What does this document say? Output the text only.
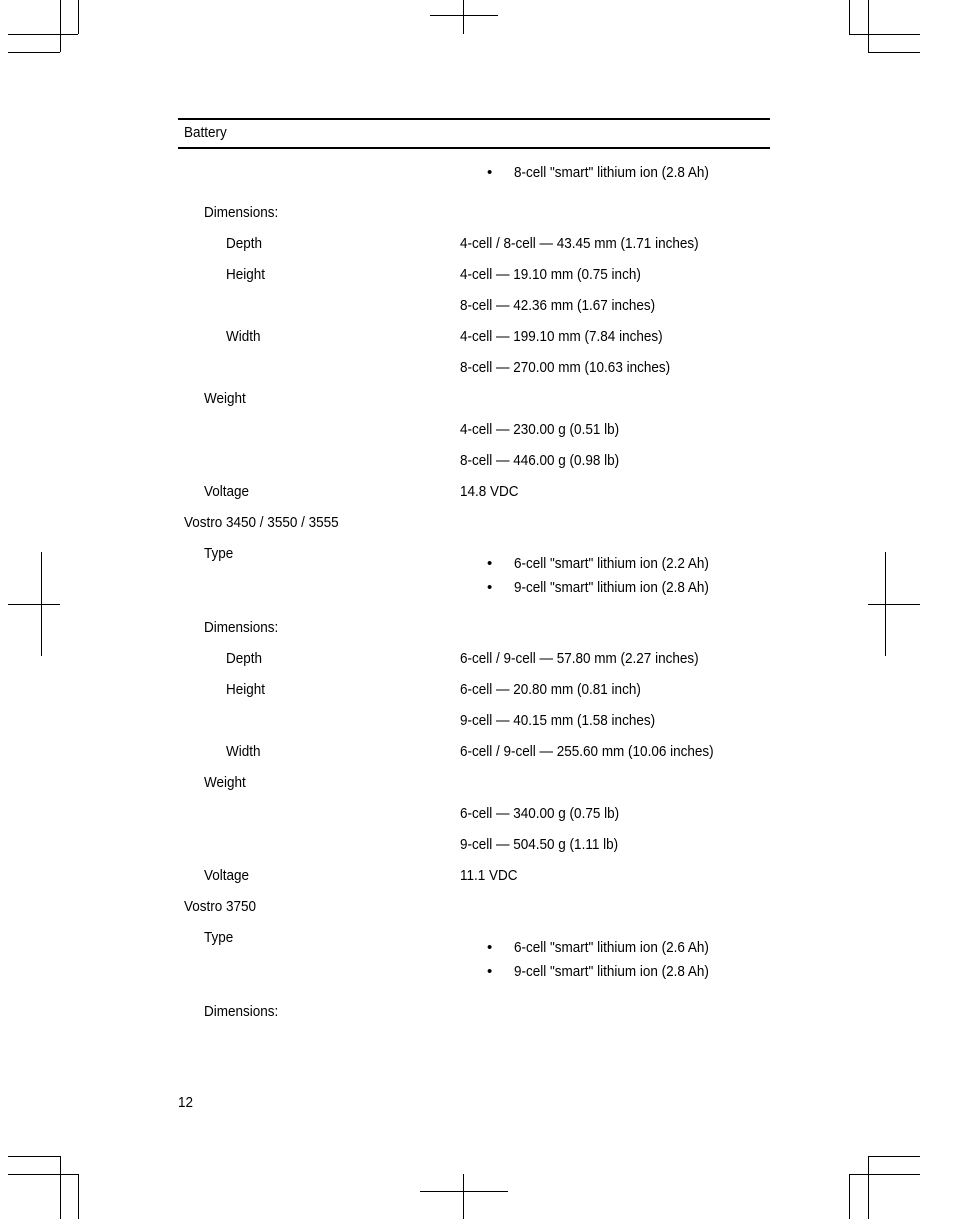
Battery
• 8-cell "smart" lithium ion (2.8 Ah)
Dimensions:
Depth	4-cell / 8-cell — 43.45 mm (1.71 inches)
Height	4-cell — 19.10 mm (0.75 inch)
8-cell — 42.36 mm (1.67 inches)
Width	4-cell — 199.10 mm (7.84 inches)
8-cell — 270.00 mm (10.63 inches)
Weight
4-cell — 230.00 g (0.51 lb)
8-cell — 446.00 g (0.98 lb)
Voltage	14.8 VDC
Vostro 3450 / 3550 / 3555
Type
• 6-cell "smart" lithium ion (2.2 Ah)
• 9-cell "smart" lithium ion (2.8 Ah)
Dimensions:
Depth	6-cell / 9-cell — 57.80 mm (2.27 inches)
Height	6-cell — 20.80 mm (0.81 inch)
9-cell — 40.15 mm (1.58 inches)
Width	6-cell / 9-cell — 255.60 mm (10.06 inches)
Weight
6-cell — 340.00 g (0.75 lb)
9-cell — 504.50 g (1.11 lb)
Voltage	11.1 VDC
Vostro 3750
Type
• 6-cell "smart" lithium ion (2.6 Ah)
• 9-cell "smart" lithium ion (2.8 Ah)
Dimensions:
12
